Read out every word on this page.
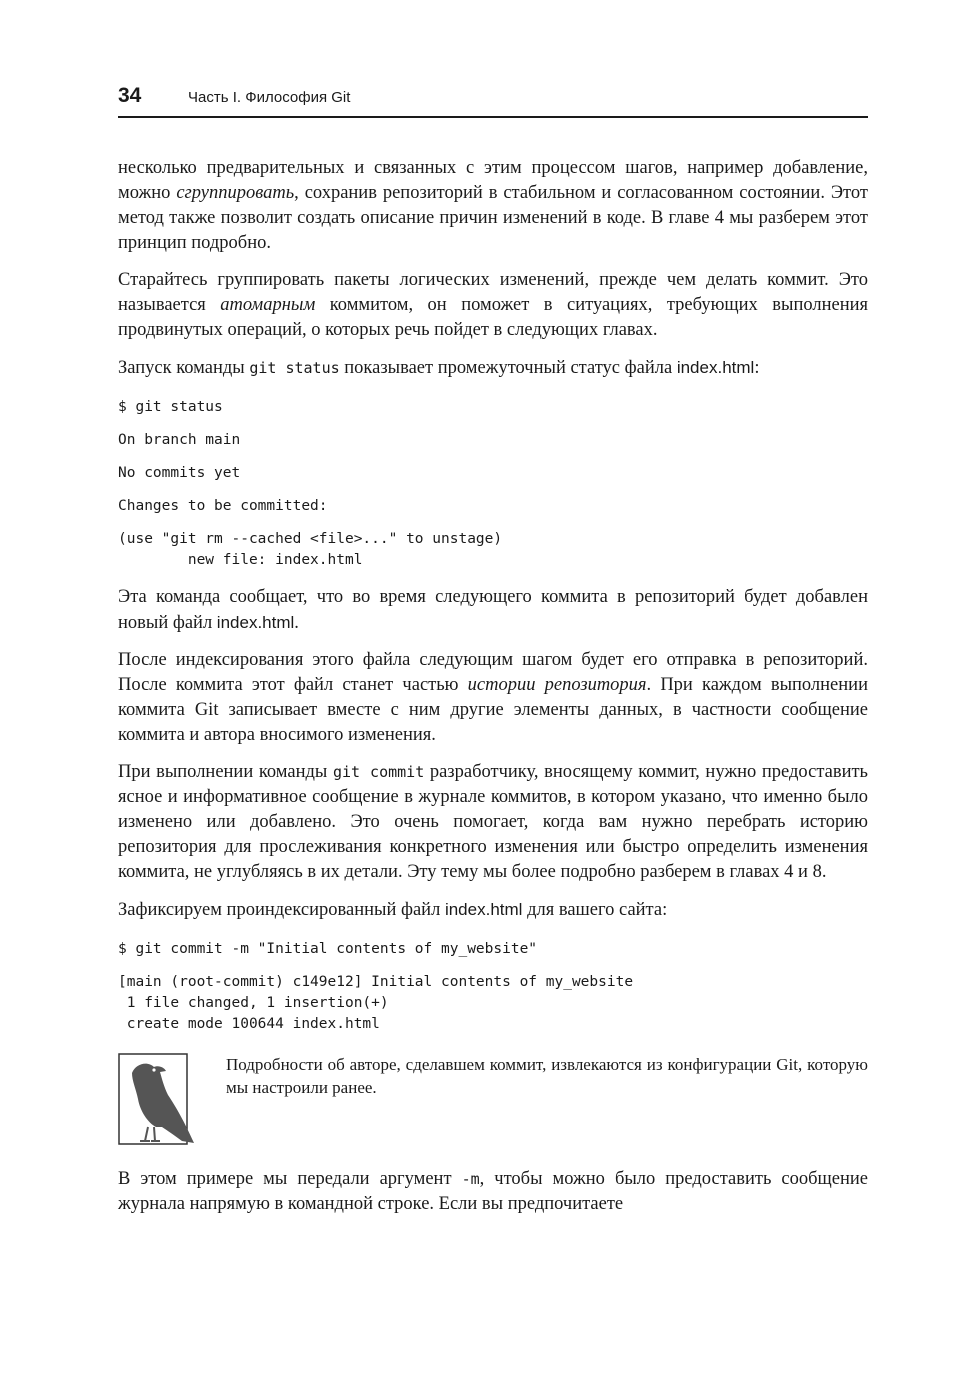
34	Часть I. Философия Git

несколько предварительных и связанных с этим процессом шагов, например добавление, можно сгруппировать, сохранив репозиторий в стабильном и согласованном состоянии. Этот метод также позволит создать описание причин изменений в коде. В главе 4 мы разберем этот принцип подробно.

Старайтесь группировать пакеты логических изменений, прежде чем делать коммит. Это называется атомарным коммитом, он поможет в ситуациях, требующих выполнения продвинутых операций, о которых речь пойдет в следующих главах.

Запуск команды git status показывает промежуточный статус файла index.html:

$ git status
On branch main
No commits yet
Changes to be committed:
(use "git rm --cached <file>..." to unstage)
new file: index.html

Эта команда сообщает, что во время следующего коммита в репозиторий будет добавлен новый файл index.html.

После индексирования этого файла следующим шагом будет его отправка в репозиторий. После коммита этот файл станет частью истории репозитория. При каждом выполнении коммита Git записывает вместе с ним другие элементы данных, в частности сообщение коммита и автора вносимого изменения.

При выполнении команды git commit разработчику, вносящему коммит, нужно предоставить ясное и информативное сообщение в журнале коммитов, в котором указано, что именно было изменено или добавлено. Это очень помогает, когда вам нужно перебрать историю репозитория для прослеживания конкретного изменения или быстро определить изменения коммита, не углубляясь в их детали. Эту тему мы более подробно разберем в главах 4 и 8.

Зафиксируем проиндексированный файл index.html для вашего сайта:

$ git commit -m "Initial contents of my_website"
[main (root-commit) c149e12] Initial contents of my_website
1 file changed, 1 insertion(+)
create mode 100644 index.html

Подробности об авторе, сделавшем коммит, извлекаются из конфигурации Git, которую мы настроили ранее.

В этом примере мы передали аргумент -m, чтобы можно было предоставить сообщение журнала напрямую в командной строке. Если вы предпочитаете
